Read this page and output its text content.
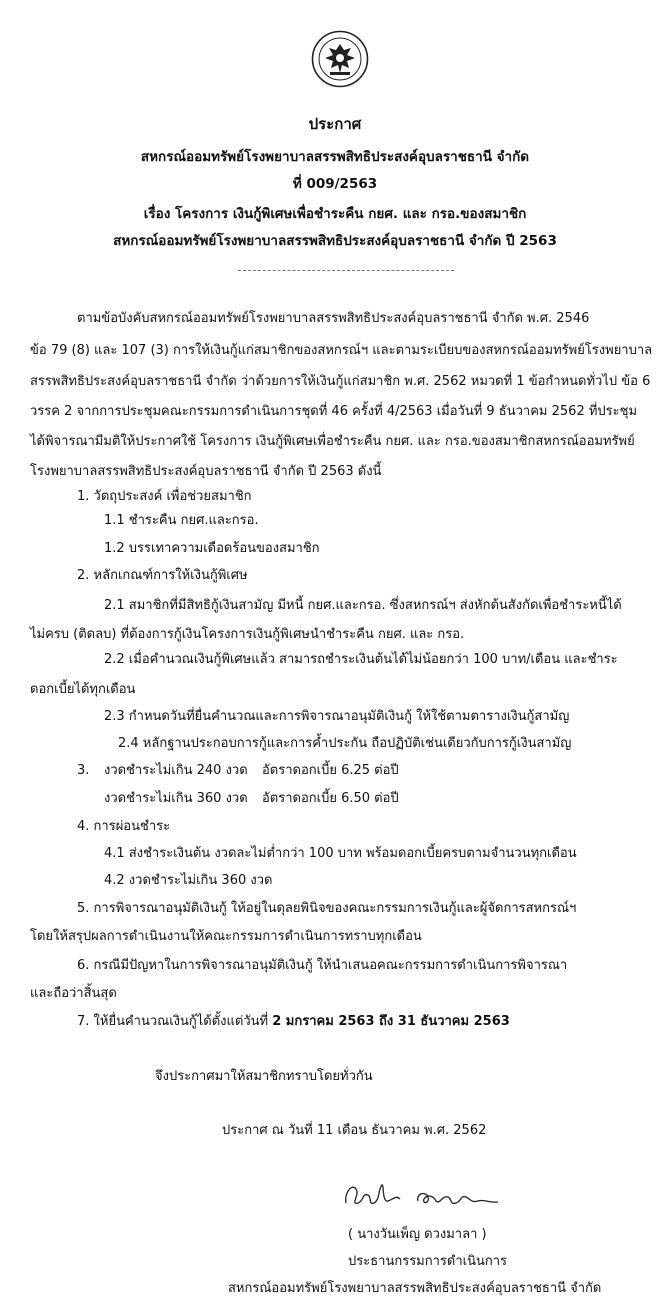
ประกาศ
สหกรณ์ออมทรัพย์โรงพยาบาลสรรพสิทธิประสงค์อุบลราชธานี จำกัด
ที่ 009/2563
เรื่อง โครงการ เงินกู้พิเศษเพื่อชำระคืน กยศ. และ กรอ.ของสมาชิก
สหกรณ์ออมทรัพย์โรงพยาบาลสรรพสิทธิประสงค์อุบลราชธานี จำกัด ปี 2563
ตามข้อบังคับสหกรณ์ออมทรัพย์โรงพยาบาลสรรพสิทธิประสงค์อุบลราชธานี จำกัด พ.ศ. 2546
ข้อ 79 (8) และ 107 (3) การให้เงินกู้แก่สมาชิกของสหกรณ์ฯ และตามระเบียบของสหกรณ์ออมทรัพย์โรงพยาบาล
สรรพสิทธิประสงค์อุบลราชธานี จำกัด ว่าด้วยการให้เงินกู้แก่สมาชิก พ.ศ. 2562 หมวดที่ 1 ข้อกำหนดทั่วไป ข้อ 6
วรรค 2 จากการประชุมคณะกรรมการดำเนินการชุดที่ 46 ครั้งที่ 4/2563 เมื่อวันที่ 9 ธันวาคม 2562 ที่ประชุม
ได้พิจารณามีมติให้ประกาศใช้ โครงการ เงินกู้พิเศษเพื่อชำระคืน กยศ. และ กรอ.ของสมาชิกสหกรณ์ออมทรัพย์
โรงพยาบาลสรรพสิทธิประสงค์อุบลราชธานี จำกัด ปี 2563 ดังนี้
1. วัตถุประสงค์ เพื่อช่วยสมาชิก
1.1 ชำระคืน กยศ.และกรอ.
1.2 บรรเทาความเดือดร้อนของสมาชิก
2. หลักเกณฑ์การให้เงินกู้พิเศษ
2.1 สมาชิกที่มีสิทธิกู้เงินสามัญ มีหนี้ กยศ.และกรอ. ซึ่งสหกรณ์ฯ ส่งหักต้นสังกัดเพื่อชำระหนี้ได้
ไม่ครบ (ติดลบ) ที่ต้องการกู้เงินโครงการเงินกู้พิเศษนำชำระคืน กยศ. และ กรอ.
2.2 เมื่อคำนวณเงินกู้พิเศษแล้ว สามารถชำระเงินต้นได้ไม่น้อยกว่า 100 บาท/เดือน และชำระ
ดอกเบี้ยได้ทุกเดือน
2.3 กำหนดวันที่ยื่นคำนวณและการพิจารณาอนุมัติเงินกู้ ให้ใช้ตามตารางเงินกู้สามัญ
2.4 หลักฐานประกอบการกู้และการค้ำประกัน ถือปฏิบัติเช่นเดียวกับการกู้เงินสามัญ
3. งวดชำระไม่เกิน 240 งวด อัตราดอกเบี้ย 6.25 ต่อปี
งวดชำระไม่เกิน 360 งวด อัตราดอกเบี้ย 6.50 ต่อปี
4. การผ่อนชำระ
4.1 ส่งชำระเงินต้น งวดละไม่ต่ำกว่า 100 บาท พร้อมดอกเบี้ยครบตามจำนวนทุกเดือน
4.2 งวดชำระไม่เกิน 360 งวด
5. การพิจารณาอนุมัติเงินกู้ ให้อยู่ในดุลยพินิจของคณะกรรมการเงินกู้และผู้จัดการสหกรณ์ฯ
โดยให้สรุปผลการดำเนินงานให้คณะกรรมการดำเนินการทราบทุกเดือน
6. กรณีมีปัญหาในการพิจารณาอนุมัติเงินกู้ ให้นำเสนอคณะกรรมการดำเนินการพิจารณา
และถือว่าสิ้นสุด
7. ให้ยื่นคำนวณเงินกู้ได้ตั้งแต่วันที่ 2 มกราคม 2563 ถึง 31 ธันวาคม 2563
จึงประกาศมาให้สมาชิกทราบโดยทั่วกัน
ประกาศ ณ วันที่ 11 เดือน ธันวาคม พ.ศ. 2562
( นางวันเพ็ญ ดวงมาลา )
ประธานกรรมการดำเนินการ
สหกรณ์ออมทรัพย์โรงพยาบาลสรรพสิทธิประสงค์อุบลราชธานี จำกัด
